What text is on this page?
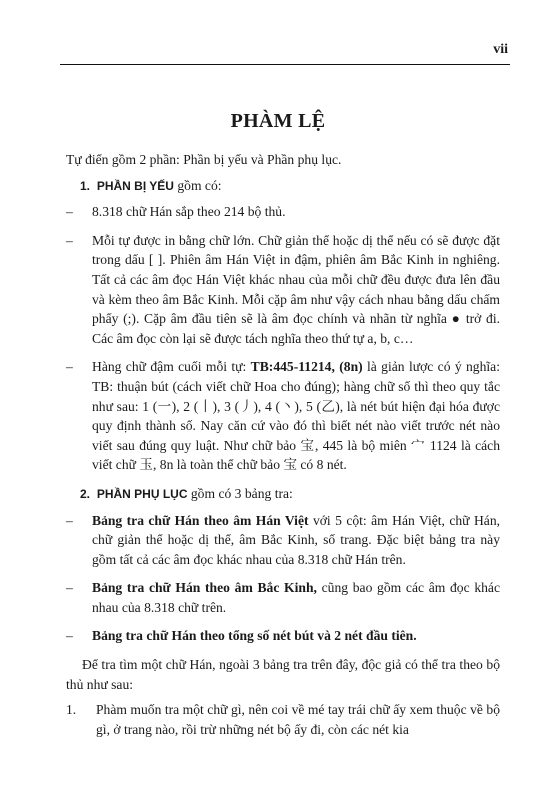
vii
PHÀM LỆ

Tự điển gồm 2 phần: Phần bị yếu và Phần phụ lục.

1. PHẦN BỊ YẾU gồm có:

– 8.318 chữ Hán sắp theo 214 bộ thủ.
– Mỗi tự được in bằng chữ lớn. Chữ giản thể hoặc dị thể nếu có sẽ được đặt trong dấu [ ]. Phiên âm Hán Việt in đậm, phiên âm Bắc Kinh in nghiêng. Tất cả các âm đọc Hán Việt khác nhau của mỗi chữ đều được đưa lên đầu và kèm theo âm Bắc Kinh. Mỗi cặp âm như vậy cách nhau bằng dấu chấm phẩy (;). Cặp âm đầu tiên sẽ là âm đọc chính và nhãn từ nghĩa ● trở đi. Các âm đọc còn lại sẽ được tách nghĩa theo thứ tự a, b, c…
– Hàng chữ đậm cuối mỗi tự: TB:445-11214, (8n) là giản lược có ý nghĩa: TB: thuận bút (cách viết chữ Hoa cho đúng); hàng chữ số thì theo quy tắc như sau: 1 (一), 2 (丨), 3 (丿), 4 (丶), 5 (乙), là nét bút hiện đại hóa được quy định thành số. Nay căn cứ vào đó thì biết nét nào viết trước nét nào viết sau đúng quy luật. Như chữ bảo 宝, 445 là bộ miên 宀 1124 là cách viết chữ 玉, 8n là toàn thể chữ bảo 宝 có 8 nét.

2. PHẦN PHỤ LỤC gồm có 3 bảng tra:

– Bảng tra chữ Hán theo âm Hán Việt với 5 cột: âm Hán Việt, chữ Hán, chữ giản thể hoặc dị thể, âm Bắc Kinh, số trang. Đặc biệt bảng tra này gồm tất cả các âm đọc khác nhau của 8.318 chữ Hán trên.
– Bảng tra chữ Hán theo âm Bắc Kinh, cũng bao gồm các âm đọc khác nhau của 8.318 chữ trên.
– Bảng tra chữ Hán theo tổng số nét bút và 2 nét đầu tiên.

Để tra tìm một chữ Hán, ngoài 3 bảng tra trên đây, độc giả có thể tra theo bộ thủ như sau:

1. Phàm muốn tra một chữ gì, nên coi về mé tay trái chữ ấy xem thuộc về bộ gì, ở trang nào, rồi trừ những nét bộ ấy đi, còn các nét kia
